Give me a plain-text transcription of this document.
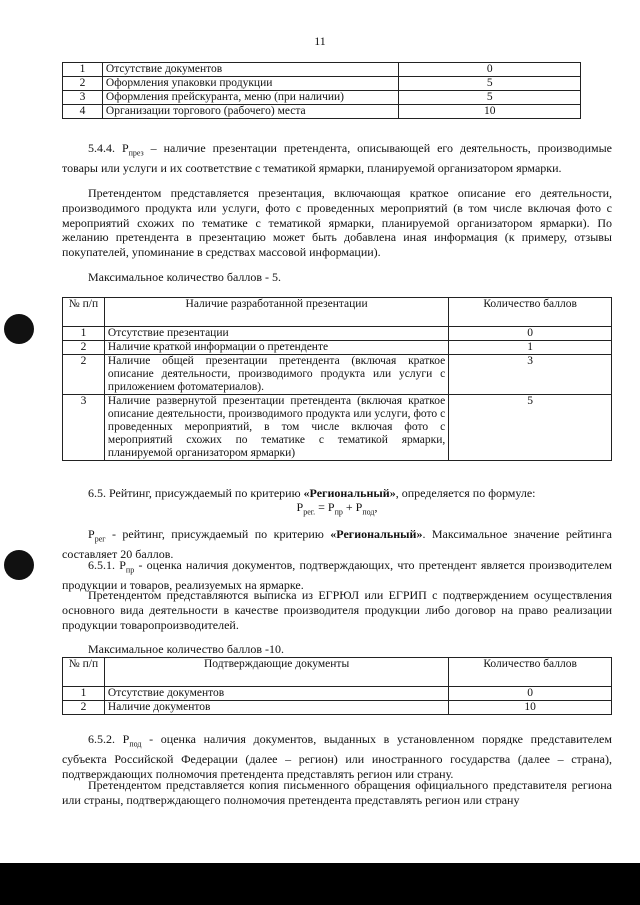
11
1	Отсутствие документов	0
2	Оформления упаковки продукции	5
3	Оформления прейскуранта, меню (при наличии)	5
4	Организации торгового (рабочего) места	10

5.4.4. $Р_{през}$ – наличие презентации претендента, описывающей его деятельность, производимые товары или услуги и их соответствие с тематикой ярмарки, планируемой организатором ярмарки.

Претендентом представляется презентация, включающая краткое описание его деятельности, производимого продукта или услуги, фото с проведенных мероприятий (в том числе включая фото с мероприятий схожих по тематике с тематикой ярмарки, планируемой организатором ярмарки). По желанию претендента в презентацию может быть добавлена иная информация (к примеру, отзывы покупателей, упоминание в средствах массовой информации).

Максимальное количество баллов - 5.

№ п/п	Наличие разработанной презентации	Количество баллов
1	Отсутствие презентации	0
2	Наличие краткой информации о претенденте	1
2	Наличие общей презентации претендента (включая краткое описание деятельности, производимого продукта или услуги с приложением фотоматериалов).	3
3	Наличие развернутой презентации претендента (включая краткое описание деятельности, производимого продукта или услуги, фото с проведенных мероприятий, в том числе включая фото с мероприятий схожих по тематике с тематикой ярмарки, планируемой организатором ярмарки)	5

6.5. Рейтинг, присуждаемый по критерию «Региональный», определяется по формуле:

$Р_{рег.} = Р_{пр} + Р_{под}$,

$Р_{рег}$ - рейтинг, присуждаемый по критерию «Региональный». Максимальное значение рейтинга составляет 20 баллов.

6.5.1. $Р_{пр}$ - оценка наличия документов, подтверждающих, что претендент является производителем продукции и товаров, реализуемых на ярмарке.

Претендентом представляются выписка из ЕГРЮЛ или ЕГРИП с подтверждением осуществления основного вида деятельности в качестве производителя продукции либо договор на право реализации продукции товаропроизводителей.

Максимальное количество баллов -10.

№ п/п	Подтверждающие документы	Количество баллов
1	Отсутствие документов	0
2	Наличие документов	10

6.5.2. $Р_{под}$ - оценка наличия документов, выданных в установленном порядке представителем субъекта Российской Федерации (далее – регион) или иностранного государства (далее – страна), подтверждающих полномочия претендента представлять регион или страну.

Претендентом представляется копия письменного обращения официального представителя региона или страны, подтверждающего полномочия претендента представлять регион или страну
